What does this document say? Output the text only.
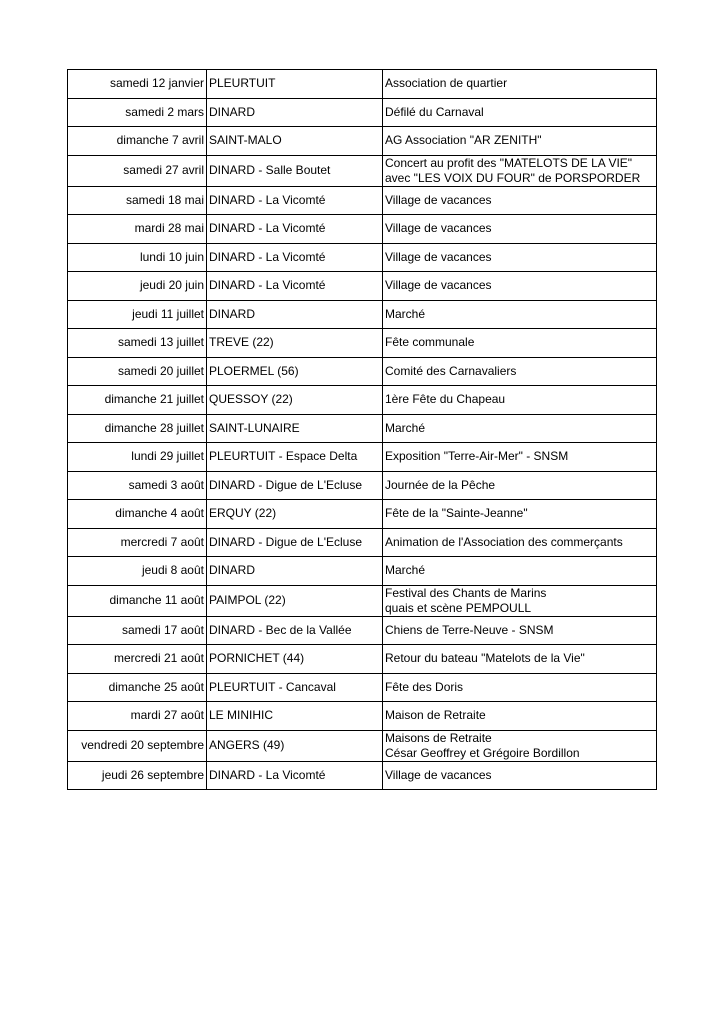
samedi 12 janvier	PLEURTUIT	Association de quartier

samedi 2 mars	DINARD	Défilé du Carnaval

dimanche 7 avril	SAINT-MALO	AG Association "AR ZENITH"

samedi 27 avril	DINARD - Salle Boutet	Concert au profit des "MATELOTS DE LA VIE"
avec "LES VOIX DU FOUR" de PORSPORDER

samedi 18 mai	DINARD - La Vicomté	Village de vacances

mardi 28 mai	DINARD - La Vicomté	Village de vacances

lundi 10 juin	DINARD - La Vicomté	Village de vacances

jeudi 20 juin	DINARD - La Vicomté	Village de vacances

jeudi 11 juillet	DINARD	Marché

samedi 13 juillet	TREVE (22)	Fête communale

samedi 20 juillet	PLOERMEL (56)	Comité des Carnavaliers

dimanche 21 juillet	QUESSOY (22)	1ère Fête du Chapeau

dimanche 28 juillet	SAINT-LUNAIRE	Marché

lundi 29 juillet	PLEURTUIT - Espace Delta	Exposition "Terre-Air-Mer" - SNSM

samedi 3 août	DINARD - Digue de L'Ecluse	Journée de la Pêche

dimanche 4 août	ERQUY (22)	Fête de la "Sainte-Jeanne"

mercredi 7 août	DINARD - Digue de L'Ecluse	Animation de l'Association des commerçants

jeudi 8 août	DINARD	Marché

dimanche 11 août	PAIMPOL (22)	Festival des Chants de Marins
quais et scène PEMPOULL

samedi 17 août	DINARD - Bec de la Vallée	Chiens de Terre-Neuve - SNSM

mercredi 21 août	PORNICHET (44)	Retour du bateau "Matelots de la Vie"

dimanche 25 août	PLEURTUIT - Cancaval	Fête des Doris

mardi 27 août	LE MINIHIC	Maison de Retraite

vendredi 20 septembre	ANGERS (49)	Maisons de Retraite
César Geoffrey et Grégoire Bordillon

jeudi 26 septembre	DINARD - La Vicomté	Village de vacances
